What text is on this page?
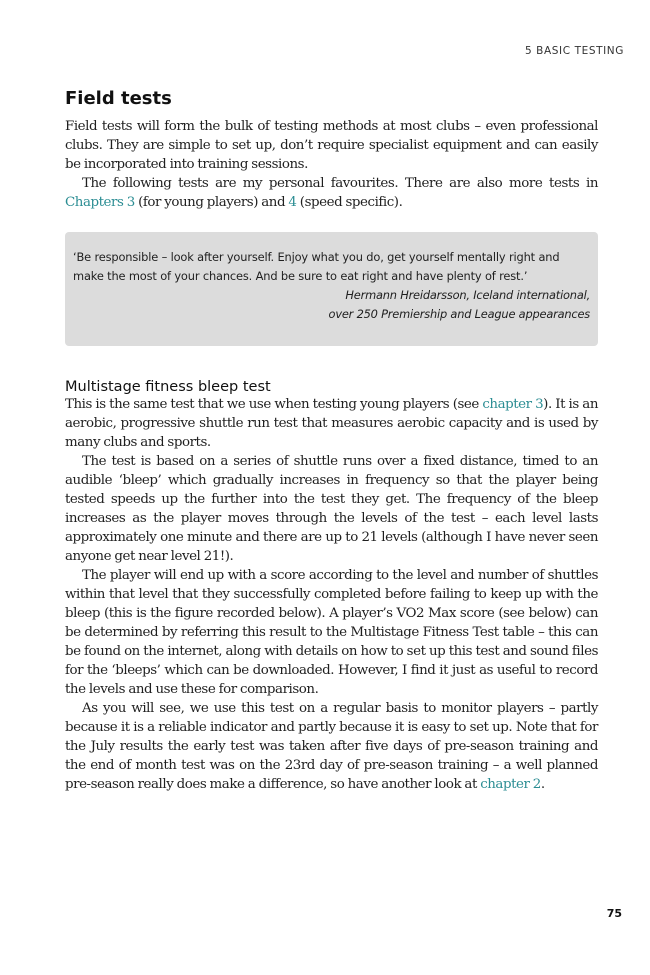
5 BASIC TESTING
Field tests

Field tests will form the bulk of testing methods at most clubs – even professional clubs. They are simple to set up, don’t require specialist equipment and can easily be incorporated into training sessions.

The following tests are my personal favourites. There are also more tests in Chapters 3 (for young players) and 4 (speed specific).

‘Be responsible – look after yourself. Enjoy what you do, get yourself mentally right and make the most of your chances. And be sure to eat right and have plenty of rest.’
Hermann Hreidarsson, Iceland international,
over 250 Premiership and League appearances
Multistage fitness bleep test

This is the same test that we use when testing young players (see chapter 3). It is an aerobic, progressive shuttle run test that measures aerobic capacity and is used by many clubs and sports.

The test is based on a series of shuttle runs over a fixed distance, timed to an audible ‘bleep’ which gradually increases in frequency so that the player being tested speeds up the further into the test they get. The frequency of the bleep increases as the player moves through the levels of the test – each level lasts approximately one minute and there are up to 21 levels (although I have never seen anyone get near level 21!).

The player will end up with a score according to the level and number of shuttles within that level that they successfully completed before failing to keep up with the bleep (this is the figure recorded below). A player’s VO2 Max score (see below) can be determined by referring this result to the Multistage Fitness Test table – this can be found on the internet, along with details on how to set up this test and sound files for the ‘bleeps’ which can be downloaded. However, I find it just as useful to record the levels and use these for comparison.

As you will see, we use this test on a regular basis to monitor players – partly because it is a reliable indicator and partly because it is easy to set up. Note that for the July results the early test was taken after five days of pre-season training and the end of month test was on the 23rd day of pre-season training – a well planned pre-season really does make a difference, so have another look at chapter 2.

75
